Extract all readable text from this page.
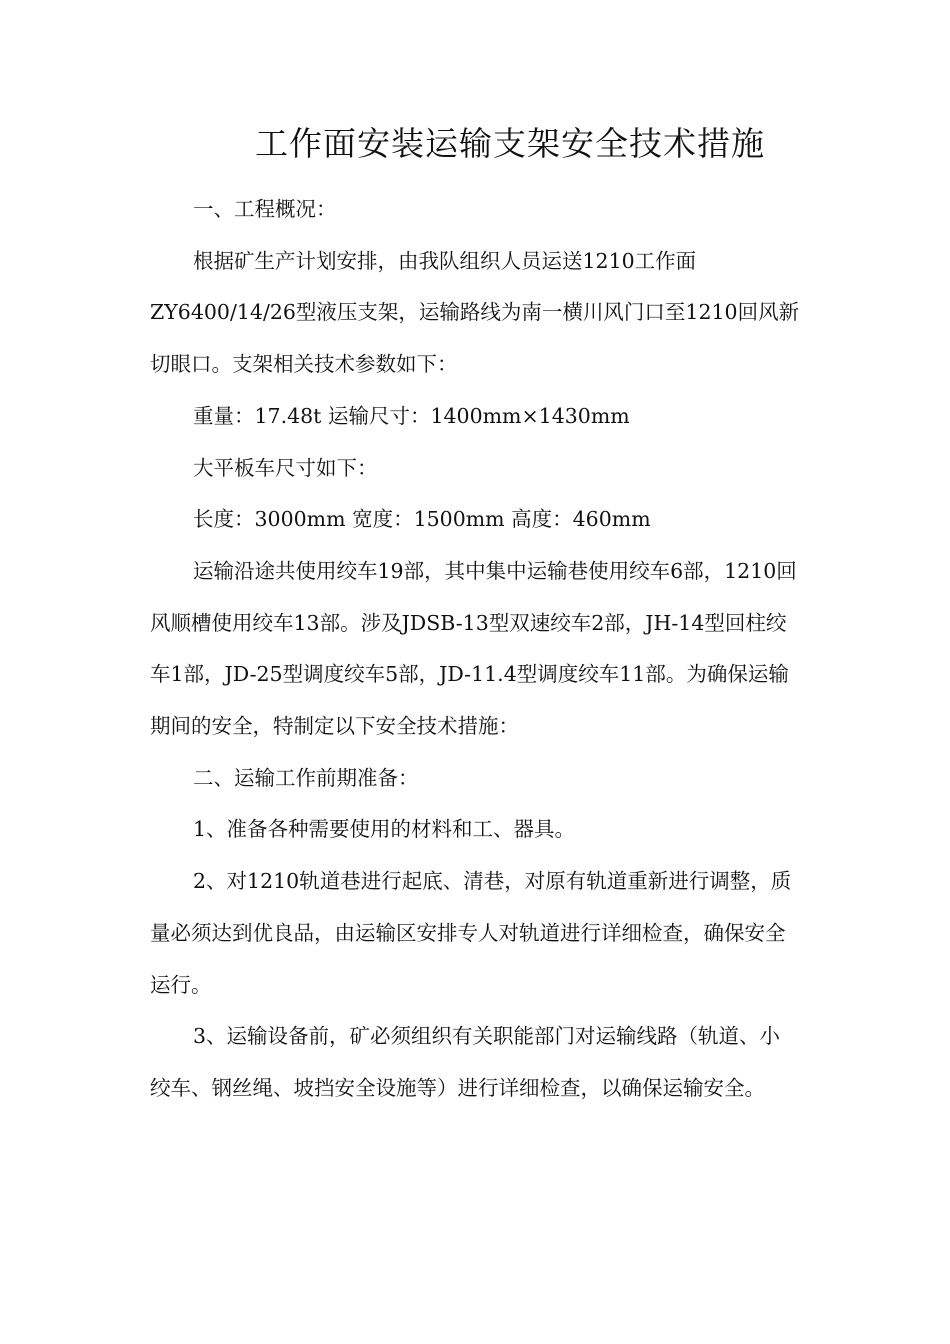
工作面安装运输支架安全技术措施

一、工程概况：

根据矿生产计划安排，由我队组织人员运送1210工作面ZY6400/14/26型液压支架，运输路线为南一横川风门口至1210回风新切眼口。支架相关技术参数如下：

重量：17.48t 运输尺寸：1400mm×1430mm

大平板车尺寸如下：

长度：3000mm 宽度：1500mm 高度：460mm

运输沿途共使用绞车19部，其中集中运输巷使用绞车6部，1210回风顺槽使用绞车13部。涉及JDSB-13型双速绞车2部，JH-14型回柱绞车1部，JD-25型调度绞车5部，JD-11.4型调度绞车11部。为确保运输期间的安全，特制定以下安全技术措施：

二、运输工作前期准备：

1、准备各种需要使用的材料和工、器具。

2、对1210轨道巷进行起底、清巷，对原有轨道重新进行调整，质量必须达到优良品，由运输区安排专人对轨道进行详细检查，确保安全运行。

3、运输设备前，矿必须组织有关职能部门对运输线路（轨道、小绞车、钢丝绳、坡挡安全设施等）进行详细检查，以确保运输安全。
